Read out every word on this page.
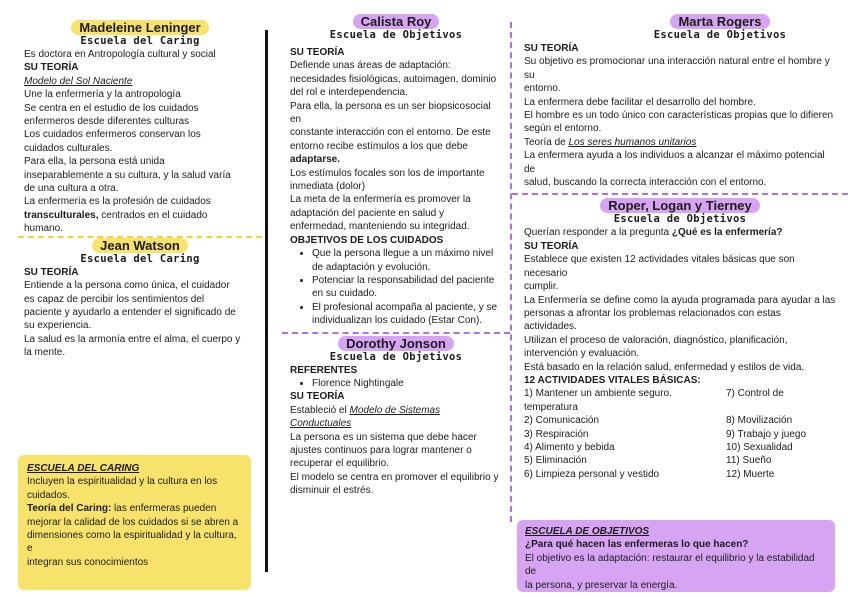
Madeleine Leninger
Escuela del Caring

Es doctora en Antropología cultural y social

SU TEORÍA

Modelo del Sol Naciente

Une la enfermería y la antropología

Se centra en el estudio de los cuidados

enfermeros desde diferentes culturas

Los cuidados enfermeros conservan los

cuidados culturales.

Para ella, la persona está unida

inseparablemente a su cultura, y la salud varía

de una cultura a otra.

La enfermería es la profesión de cuidados

transculturales, centrados en el cuidado

humano.

Jean Watson
Escuela del Caring

SU TEORÍA

Entiende a la persona como única, el cuidador

es capaz de percibir los sentimientos del

paciente y ayudarlo a entender el significado de

su experiencia.

La salud es la armonía entre el alma, el cuerpo y

la mente.

ESCUELA DEL CARING

Incluyen la espiritualidad y la cultura en los

cuidados.

Teoría del Caring: las enfermeras pueden

mejorar la calidad de los cuidados si se abren a

dimensiones como la espiritualidad y la cultura, e

integran sus conocimientos

Calista Roy
Escuela de Objetivos

SU TEORÍA

Defiende unas áreas de adaptación:

necesidades fisiológicas, autoimagen, dominio

del rol e interdependencia.

Para ella, la persona es un ser biopsicosocial en

constante interacción con el entorno. De este

entorno recibe estímulos a los que debe

adaptarse.

Los estímulos focales son los de importante

inmediata (dolor)

La meta de la enfermería es promover la

adaptación del paciente en salud y

enfermedad, manteniendo su integridad.

OBJETIVOS DE LOS CUIDADOS

• Que la persona llegue a un máximo nivel de adaptación y evolución.
• Potenciar la responsabilidad del paciente en su cuidado.
• El profesional acompaña al paciente, y se individualizan los cuidado (Estar Con).
Dorothy Jonson
Escuela de Objetivos

REFERENTES

• Florence Nightingale

SU TEORÍA

Estableció el Modelo de Sistemas Conductuales

La persona es un sistema que debe hacer

ajustes continuos para lograr mantener o

recuperar el equilibrio.

El modelo se centra en promover el equilibrio y

disminuir el estrés.

Marta Rogers
Escuela de Objetivos

SU TEORÍA

Su objetivo es promocionar una interacción natural entre el hombre y su

entorno.

La enfermera debe facilitar el desarrollo del hombre.

El hombre es un todo único con características propias que lo difieren

según el entorno.

Teoría de Los seres humanos unitarios

La enfermera ayuda a los individuos a alcanzar el máximo potencial de

salud, buscando la correcta interacción con el entorno.

Roper, Logan y Tierney
Escuela de Objetivos

Querían responder a la pregunta ¿Qué es la enfermería?

SU TEORÍA

Establece que existen 12 actividades vitales básicas que son necesario

cumplir.

La Enfermería se define como la ayuda programada para ayudar a las

personas a afrontar los problemas relacionados con estas actividades.

Utilizan el proceso de valoración, diagnóstico, planificación,

intervención y evaluación.

Está basado en la relación salud, enfermedad y estilos de vida.

12 ACTIVIDADES VITALES BÁSICAS:

1) Mantener un ambiente seguro.	7) Control de
temperatura	
2) Comunicación	8) Movilización
3) Respiración	9) Trabajo y juego
4) Alimento y bebida	10) Sexualidad
5) Eliminación	11) Sueño
6) Limpieza personal y vestido	12) Muerte

ESCUELA DE OBJETIVOS

¿Para qué hacen las enfermeras lo que hacen?

El objetivo es la adaptación: restaurar el equilibrio y la estabilidad de

la persona, y preservar la energía.
